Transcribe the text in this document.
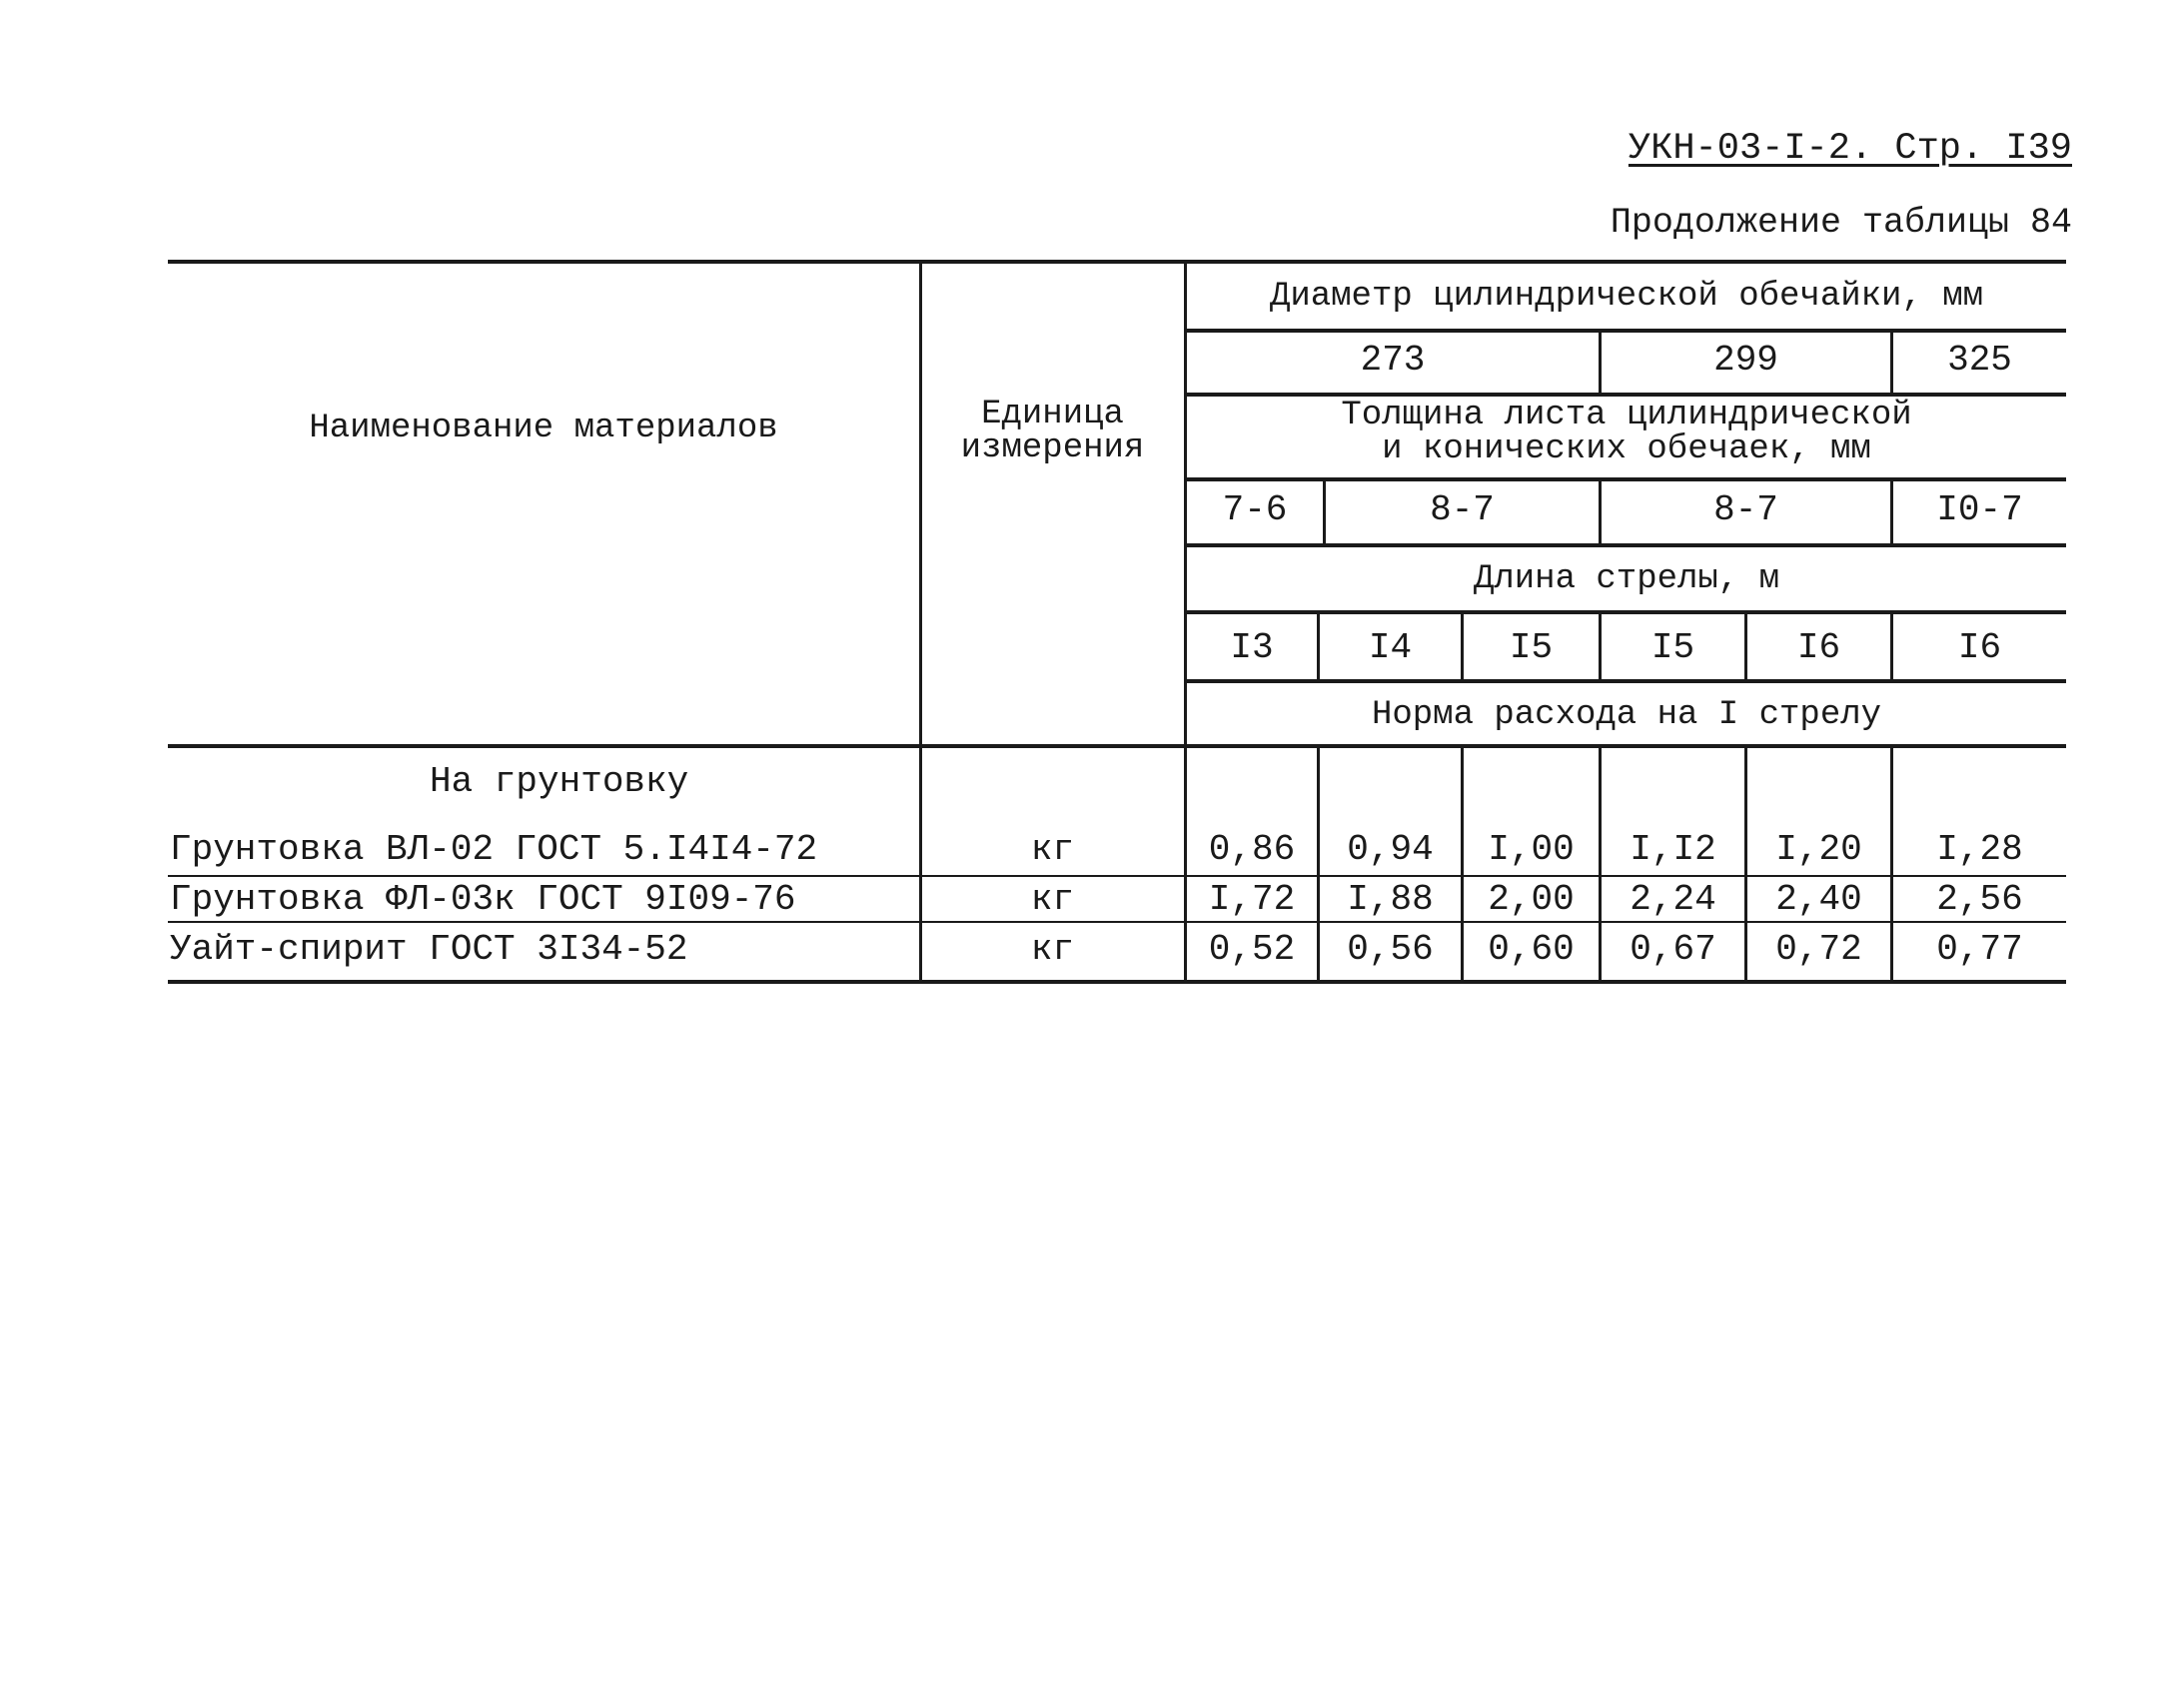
УКН-03-I-2. Стр. I39
Продолжение таблицы 84
Наименование материалов	Единица
измерения
Диаметр цилиндрической обечайки, мм
273	299	325
Толщина листа цилиндрической
и конических обечаек, мм
7-6	8-7	8-7	I0-7
Длина стрелы, м
I3	I4	I5	I5	I6	I6
Норма расхода на I стрелу
На грунтовку
Грунтовка ВЛ-02 ГОСТ 5.I4I4-72	кг	0,86	0,94	I,00	I,I2	I,20	I,28
Грунтовка ФЛ-03к ГОСТ 9I09-76	кг	I,72	I,88	2,00	2,24	2,40	2,56
Уайт-спирит ГОСТ 3I34-52	кг	0,52	0,56	0,60	0,67	0,72	0,77
